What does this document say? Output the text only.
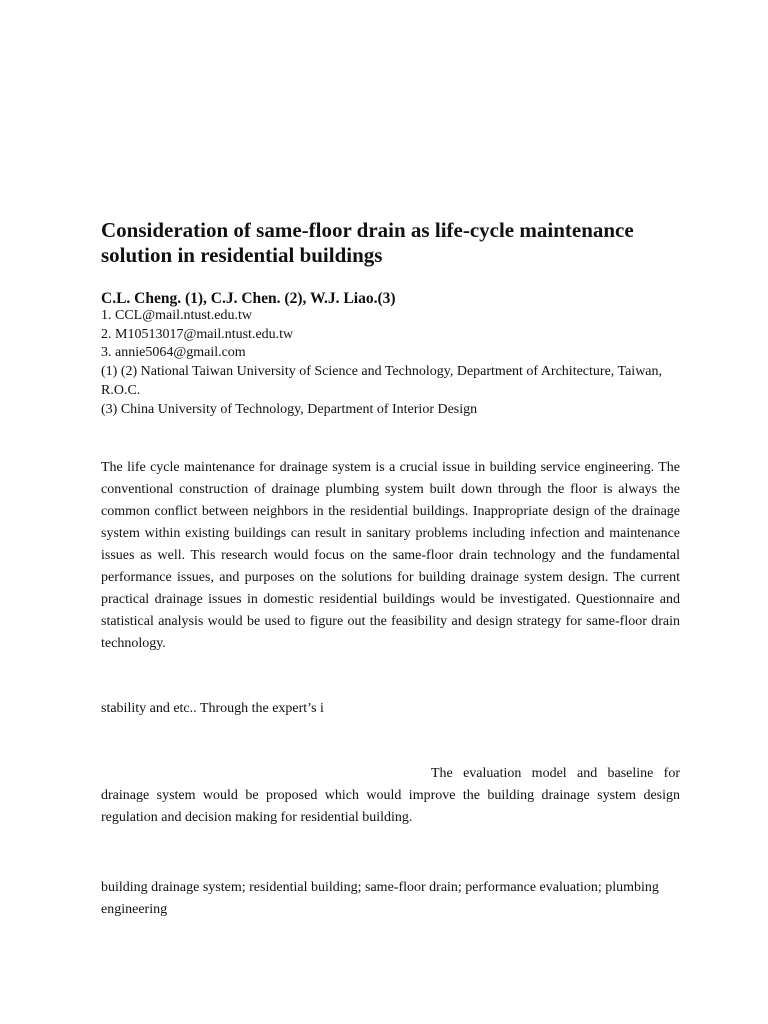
Consideration of same-floor drain as life-cycle maintenance solution in residential buildings

C.L. Cheng. (1), C.J. Chen. (2), W.J. Liao.(3)

1. CCL@mail.ntust.edu.tw
2. M10513017@mail.ntust.edu.tw
3. annie5064@gmail.com
(1) (2) National Taiwan University of Science and Technology, Department of Architecture, Taiwan, R.O.C.
(3) China University of Technology, Department of Interior Design

The life cycle maintenance for drainage system is a crucial issue in building service engineering. The conventional construction of drainage plumbing system built down through the floor is always the common conflict between neighbors in the residential buildings. Inappropriate design of the drainage system within existing buildings can result in sanitary problems including infection and maintenance issues as well. This research would focus on the same-floor drain technology and the fundamental performance issues, and purposes on the solutions for building drainage system design. The current practical drainage issues in domestic residential buildings would be investigated. Questionnaire and statistical analysis would be used to figure out the feasibility and design strategy for same-floor drain technology.

stability and etc.. Through the expert’s i

The evaluation model and baseline for drainage system would be proposed which would improve the building drainage system design regulation and decision making for residential building.

building drainage system; residential building; same-floor drain; performance evaluation; plumbing engineering
